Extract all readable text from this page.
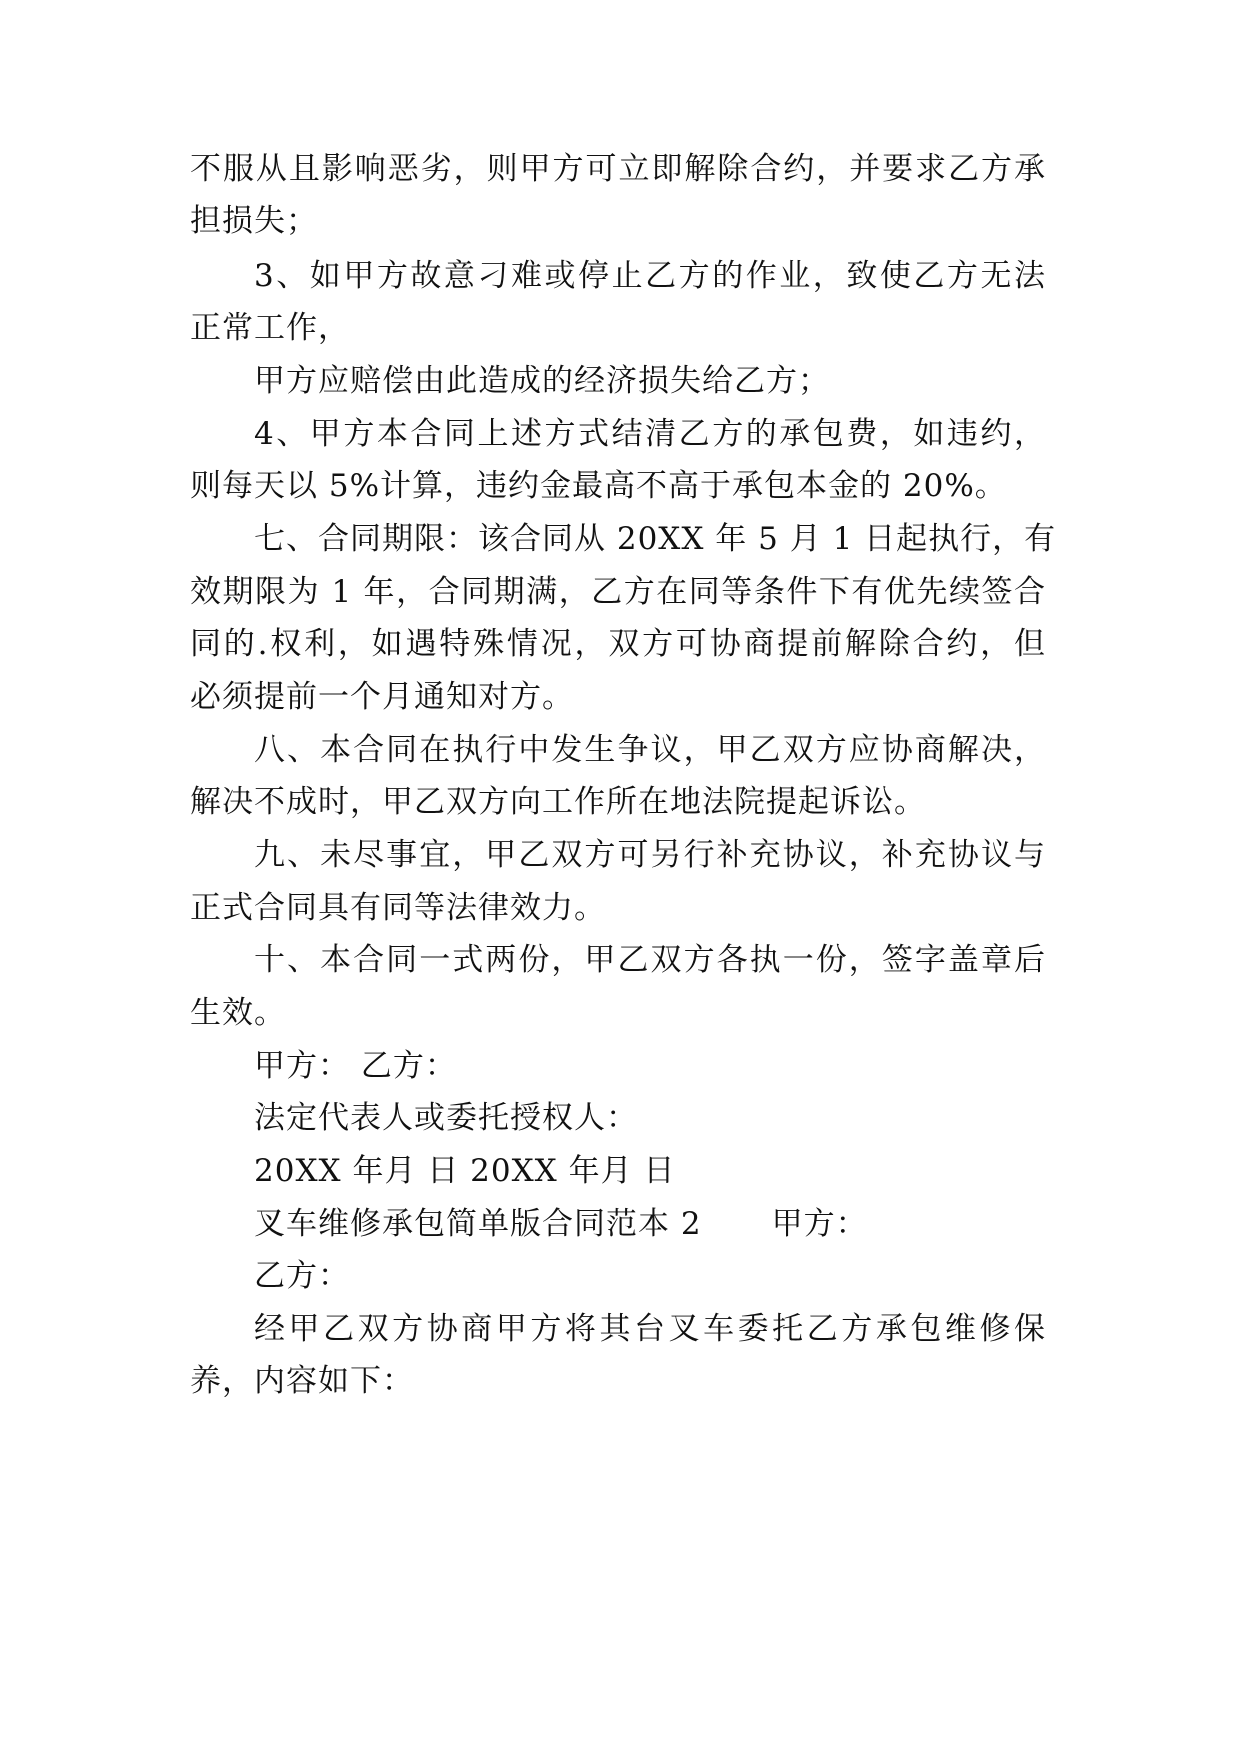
不服从且影响恶劣，则甲方可立即解除合约，并要求乙方承
担损失；
3、如甲方故意刁难或停止乙方的作业，致使乙方无法
正常工作，
甲方应赔偿由此造成的经济损失给乙方；
4、甲方本合同上述方式结清乙方的承包费，如违约，
则每天以 5%计算，违约金最高不高于承包本金的 20%。
七、合同期限：该合同从 20XX 年 5 月 1 日起执行，有
效期限为 1 年，合同期满，乙方在同等条件下有优先续签合
同的.权利，如遇特殊情况，双方可协商提前解除合约，但
必须提前一个月通知对方。
八、本合同在执行中发生争议，甲乙双方应协商解决，
解决不成时，甲乙双方向工作所在地法院提起诉讼。
九、未尽事宜，甲乙双方可另行补充协议，补充协议与
正式合同具有同等法律效力。
十、本合同一式两份，甲乙双方各执一份，签字盖章后
生效。
甲方： 乙方：
法定代表人或委托授权人：
20XX 年月 日 20XX 年月 日
叉车维修承包简单版合同范本 2 甲方：
乙方：
经甲乙双方协商甲方将其台叉车委托乙方承包维修保
养，内容如下：
